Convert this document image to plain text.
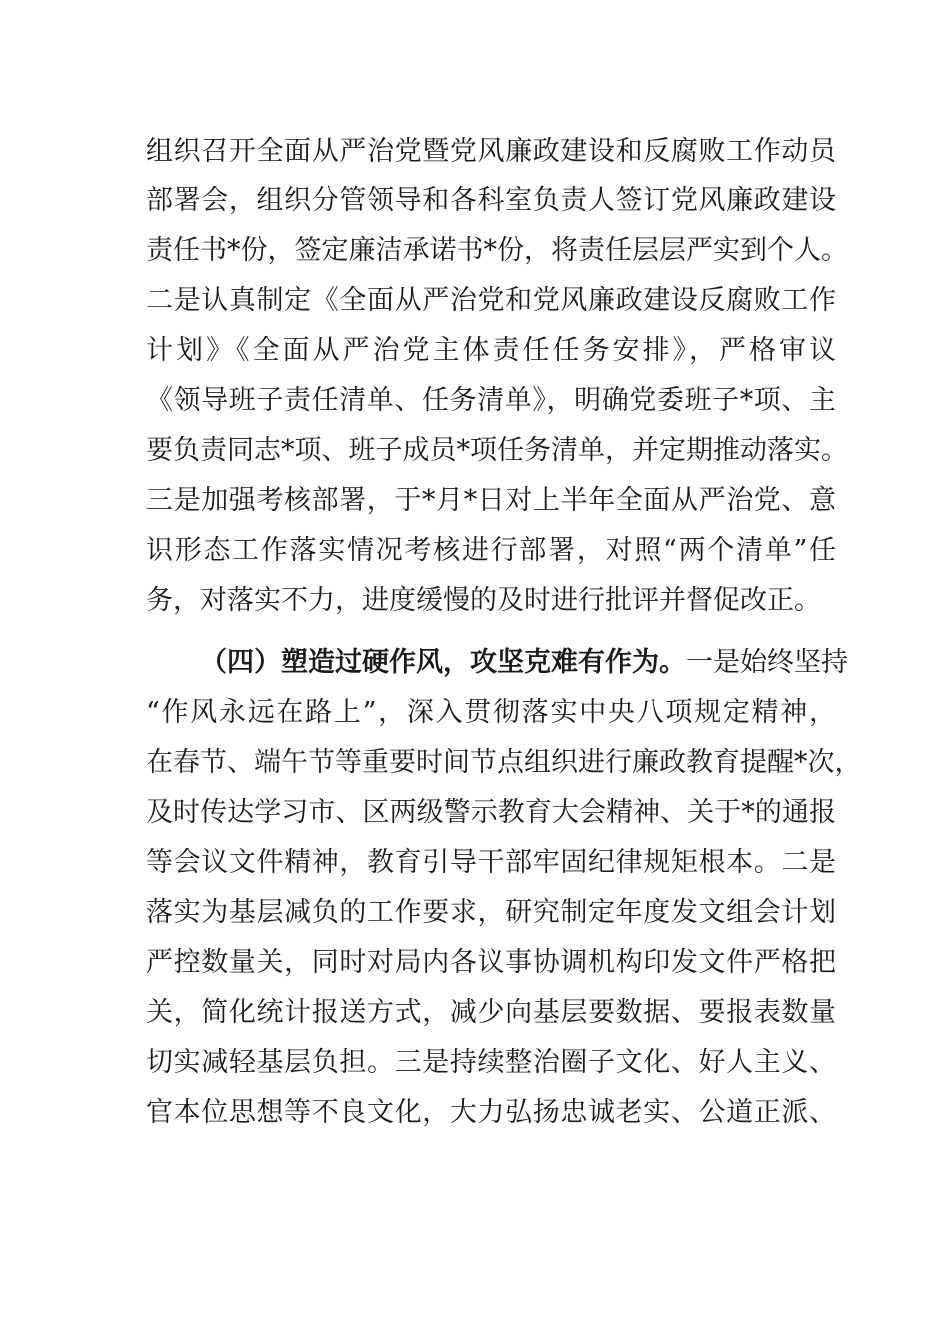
组织召开全面从严治党暨党风廉政建设和反腐败工作动员
部署会，组织分管领导和各科室负责人签订党风廉政建设
责任书*份，签定廉洁承诺书*份，将责任层层严实到个人。
二是认真制定《全面从严治党和党风廉政建设反腐败工作
计划》《全面从严治党主体责任任务安排》，严格审议
《领导班子责任清单、任务清单》，明确党委班子*项、主
要负责同志*项、班子成员*项任务清单，并定期推动落实。
三是加强考核部署，于*月*日对上半年全面从严治党、意
识形态工作落实情况考核进行部署，对照“两个清单”任
务，对落实不力，进度缓慢的及时进行批评并督促改正。
（四）塑造过硬作风，攻坚克难有作为。一是始终坚持
“作风永远在路上”，深入贯彻落实中央八项规定精神，
在春节、端午节等重要时间节点组织进行廉政教育提醒*次，
及时传达学习市、区两级警示教育大会精神、关于*的通报
等会议文件精神，教育引导干部牢固纪律规矩根本。二是
落实为基层减负的工作要求，研究制定年度发文组会计划
严控数量关，同时对局内各议事协调机构印发文件严格把
关，简化统计报送方式，减少向基层要数据、要报表数量
切实减轻基层负担。三是持续整治圈子文化、好人主义、
官本位思想等不良文化，大力弘扬忠诚老实、公道正派、
